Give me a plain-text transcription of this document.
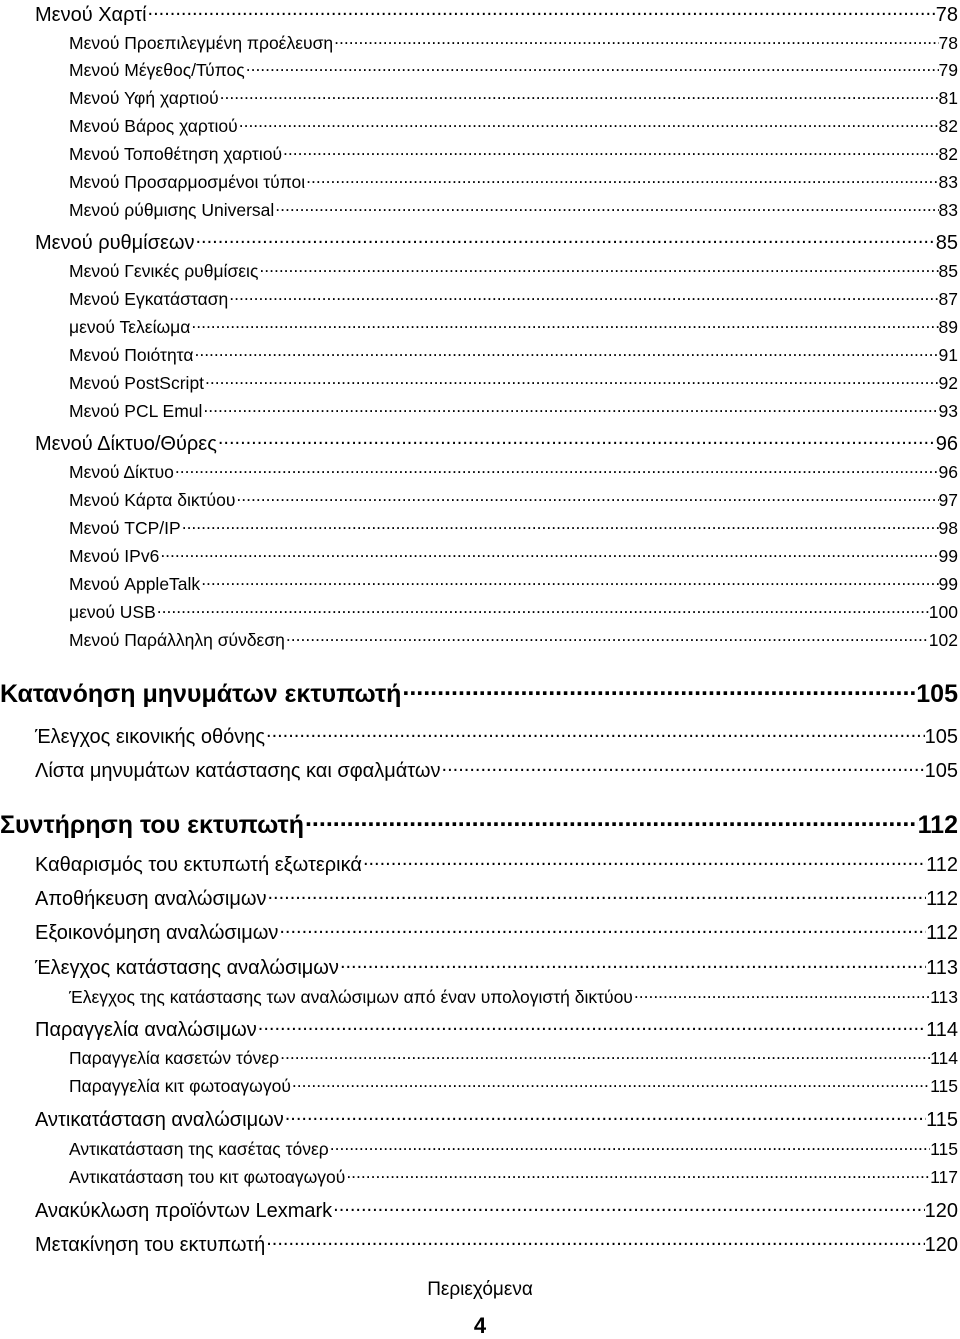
Μενού Χαρτί .....	78
Μενού Προεπιλεγμένη προέλευση .....	78
Μενού Μέγεθος/Τύπος .....	79
Μενού Υφή χαρτιού .....	81
Μενού Βάρος χαρτιού .....	82
Μενού Τοποθέτηση χαρτιού .....	82
Μενού Προσαρμοσμένοι τύποι .....	83
Μενού ρύθμισης Universal .....	83
Μενού ρυθμίσεων .....	85
Μενού Γενικές ρυθμίσεις .....	85
Μενού Εγκατάσταση .....	87
μενού Τελείωμα .....	89
Μενού Ποιότητα .....	91
Μενού PostScript .....	92
Μενού PCL Emul .....	93
Μενού Δίκτυο/Θύρες .....	96
Μενού Δίκτυο .....	96
Μενού Κάρτα δικτύου .....	97
Μενού TCP/IP .....	98
Μενού IPv6 .....	99
Μενού AppleTalk .....	99
μενού USB .....	100
Μενού Παράλληλη σύνδεση .....	102
Κατανόηση μηνυμάτων εκτυπωτή .....	105
Έλεγχος εικονικής οθόνης .....	105
Λίστα μηνυμάτων κατάστασης και σφαλμάτων .....	105
Συντήρηση του εκτυπωτή .....	112
Καθαρισμός του εκτυπωτή εξωτερικά .....	112
Αποθήκευση αναλώσιμων .....	112
Εξοικονόμηση αναλώσιμων .....	112
Έλεγχος κατάστασης αναλώσιμων .....	113
Έλεγχος της κατάστασης των αναλώσιμων από έναν υπολογιστή δικτύου .....	113
Παραγγελία αναλώσιμων .....	114
Παραγγελία κασετών τόνερ .....	114
Παραγγελία κιτ φωτοαγωγού .....	115
Αντικατάσταση αναλώσιμων .....	115
Αντικατάσταση της κασέτας τόνερ .....	115
Αντικατάσταση του κιτ φωτοαγωγού .....	117
Ανακύκλωση προϊόντων Lexmark .....	120
Μετακίνηση του εκτυπωτή .....	120
Περιεχόμενα
4
